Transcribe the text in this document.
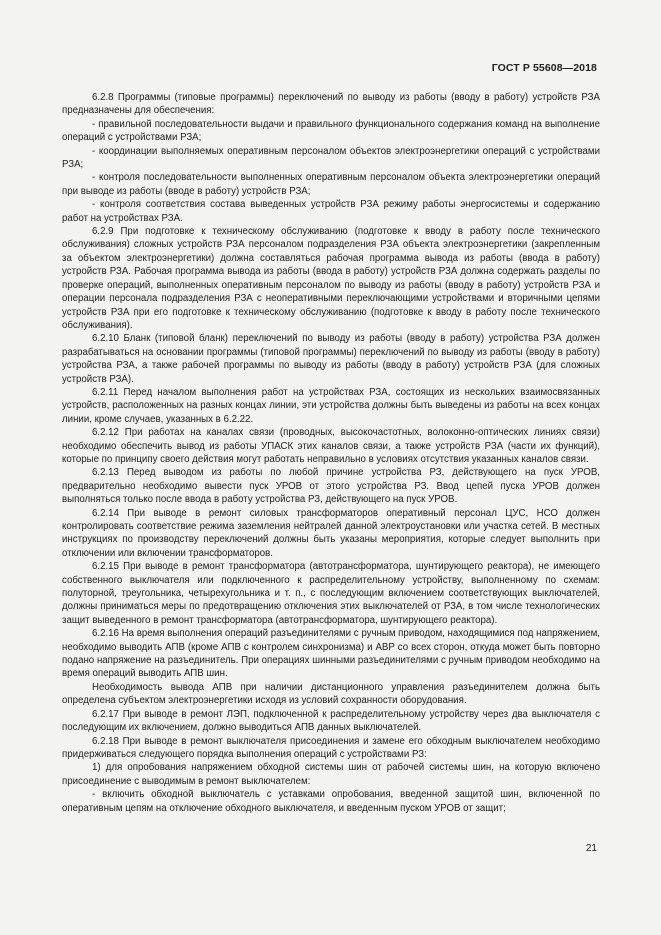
ГОСТ Р 55608—2018

6.2.8 Программы (типовые программы) переключений по выводу из работы (вводу в работу) устройств РЗА предназначены для обеспечения:

- правильной последовательности выдачи и правильного функционального содержания команд на выполнение операций с устройствами РЗА;

- координации выполняемых оперативным персоналом объектов электроэнергетики операций с устройствами РЗА;

- контроля последовательности выполненных оперативным персоналом объекта электроэнергетики операций при выводе из работы (вводе в работу) устройств РЗА;

- контроля соответствия состава выведенных устройств РЗА режиму работы энергосистемы и содержанию работ на устройствах РЗА.

6.2.9 При подготовке к техническому обслуживанию (подготовке к вводу в работу после технического обслуживания) сложных устройств РЗА персоналом подразделения РЗА объекта электроэнергетики (закрепленным за объектом электроэнергетики) должна составляться рабочая программа вывода из работы (ввода в работу) устройств РЗА. Рабочая программа вывода из работы (ввода в работу) устройств РЗА должна содержать разделы по проверке операций, выполненных оперативным персоналом по выводу из работы (вводу в работу) устройств РЗА и операции персонала подразделения РЗА с неоперативными переключающими устройствами и вторичными цепями устройств РЗА при его подготовке к техническому обслуживанию (подготовке к вводу в работу после технического обслуживания).

6.2.10 Бланк (типовой бланк) переключений по выводу из работы (вводу в работу) устройства РЗА должен разрабатываться на основании программы (типовой программы) переключений по выводу из работы (вводу в работу) устройства РЗА, а также рабочей программы по выводу из работы (вводу в работу) устройств РЗА (для сложных устройств РЗА).

6.2.11 Перед началом выполнения работ на устройствах РЗА, состоящих из нескольких взаимосвязанных устройств, расположенных на разных концах линии, эти устройства должны быть выведены из работы на всех концах линии, кроме случаев, указанных в 6.2.22.

6.2.12 При работах на каналах связи (проводных, высокочастотных, волоконно-оптических линиях связи) необходимо обеспечить вывод из работы УПАСК этих каналов связи, а также устройств РЗА (части их функций), которые по принципу своего действия могут работать неправильно в условиях отсутствия указанных каналов связи.

6.2.13 Перед выводом из работы по любой причине устройства РЗ, действующего на пуск УРОВ, предварительно необходимо вывести пуск УРОВ от этого устройства РЗ. Ввод цепей пуска УРОВ должен выполняться только после ввода в работу устройства РЗ, действующего на пуск УРОВ.

6.2.14 При выводе в ремонт силовых трансформаторов оперативный персонал ЦУС, НСО должен контролировать соответствие режима заземления нейтралей данной электроустановки или участка сетей. В местных инструкциях по производству переключений должны быть указаны мероприятия, которые следует выполнить при отключении или включении трансформаторов.

6.2.15 При выводе в ремонт трансформатора (автотрансформатора, шунтирующего реактора), не имеющего собственного выключателя или подключенного к распределительному устройству, выполненному по схемам: полуторной, треугольника, четырехугольника и т. п., с последующим включением соответствующих выключателей, должны приниматься меры по предотвращению отключения этих выключателей от РЗА, в том числе технологических защит выведенного в ремонт трансформатора (автотрансформатора, шунтирующего реактора).

6.2.16 На время выполнения операций разъединителями с ручным приводом, находящимися под напряжением, необходимо выводить АПВ (кроме АПВ с контролем синхронизма) и АВР со всех сторон, откуда может быть повторно подано напряжение на разъединитель. При операциях шинными разъединителями с ручным приводом необходимо на время операций выводить АПВ шин.

Необходимость вывода АПВ при наличии дистанционного управления разъединителем должна быть определена субъектом электроэнергетики исходя из условий сохранности оборудования.

6.2.17 При выводе в ремонт ЛЭП, подключенной к распределительному устройству через два выключателя с последующим их включением, должно выводиться АПВ данных выключателей.

6.2.18 При выводе в ремонт выключателя присоединения и замене его обходным выключателем необходимо придерживаться следующего порядка выполнения операций с устройствами РЗ:

1) для опробования напряжением обходной системы шин от рабочей системы шин, на которую включено присоединение с выводимым в ремонт выключателем:

- включить обходной выключатель с уставками опробования, введенной защитой шин, включенной по оперативным цепям на отключение обходного выключателя, и введенным пуском УРОВ от защит;

21
